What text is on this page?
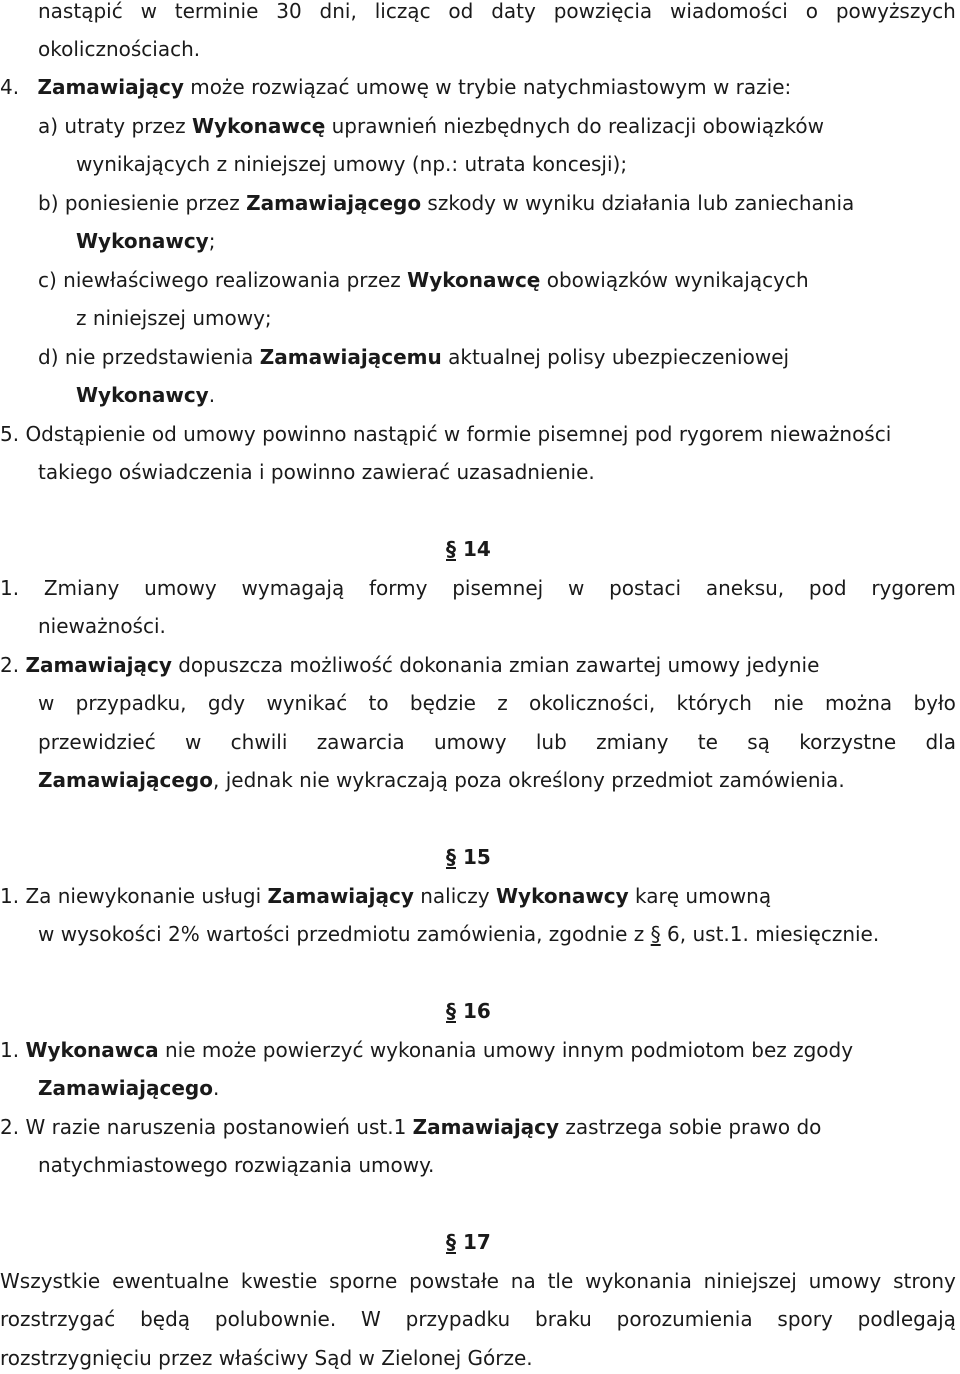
nastąpić w terminie 30 dni, licząc od daty powzięcia wiadomości o powyższych

okolicznościach.

4. Zamawiający może rozwiązać umowę w trybie natychmiastowym w razie:

a) utraty przez Wykonawcę uprawnień niezbędnych do realizacji obowiązków

wynikających z niniejszej umowy (np.: utrata koncesji);

b) poniesienie przez Zamawiającego szkody w wyniku działania lub zaniechania

Wykonawcy;

c) niewłaściwego realizowania przez Wykonawcę obowiązków wynikających

z niniejszej umowy;

d) nie przedstawienia Zamawiającemu aktualnej polisy ubezpieczeniowej

Wykonawcy.

5. Odstąpienie od umowy powinno nastąpić w formie pisemnej pod rygorem nieważności

takiego oświadczenia i powinno zawierać uzasadnienie.

§ 14

1. Zmiany umowy wymagają formy pisemnej w postaci aneksu, pod rygorem

nieważności.

2. Zamawiający dopuszcza możliwość dokonania zmian zawartej umowy jedynie

w przypadku, gdy wynikać to będzie z okoliczności, których nie można było

przewidzieć w chwili zawarcia umowy lub zmiany te są korzystne dla

Zamawiającego, jednak nie wykraczają poza określony przedmiot zamówienia.

§ 15

1. Za niewykonanie usługi Zamawiający naliczy Wykonawcy karę umowną

w wysokości 2% wartości przedmiotu zamówienia, zgodnie z § 6, ust.1. miesięcznie.

§ 16

1. Wykonawca nie może powierzyć wykonania umowy innym podmiotom bez zgody

Zamawiającego.

2. W razie naruszenia postanowień ust.1 Zamawiający zastrzega sobie prawo do

natychmiastowego rozwiązania umowy.

§ 17

Wszystkie ewentualne kwestie sporne powstałe na tle wykonania niniejszej umowy strony

rozstrzygać będą polubownie. W przypadku braku porozumienia spory podlegają

rozstrzygnięciu przez właściwy Sąd w Zielonej Górze.
